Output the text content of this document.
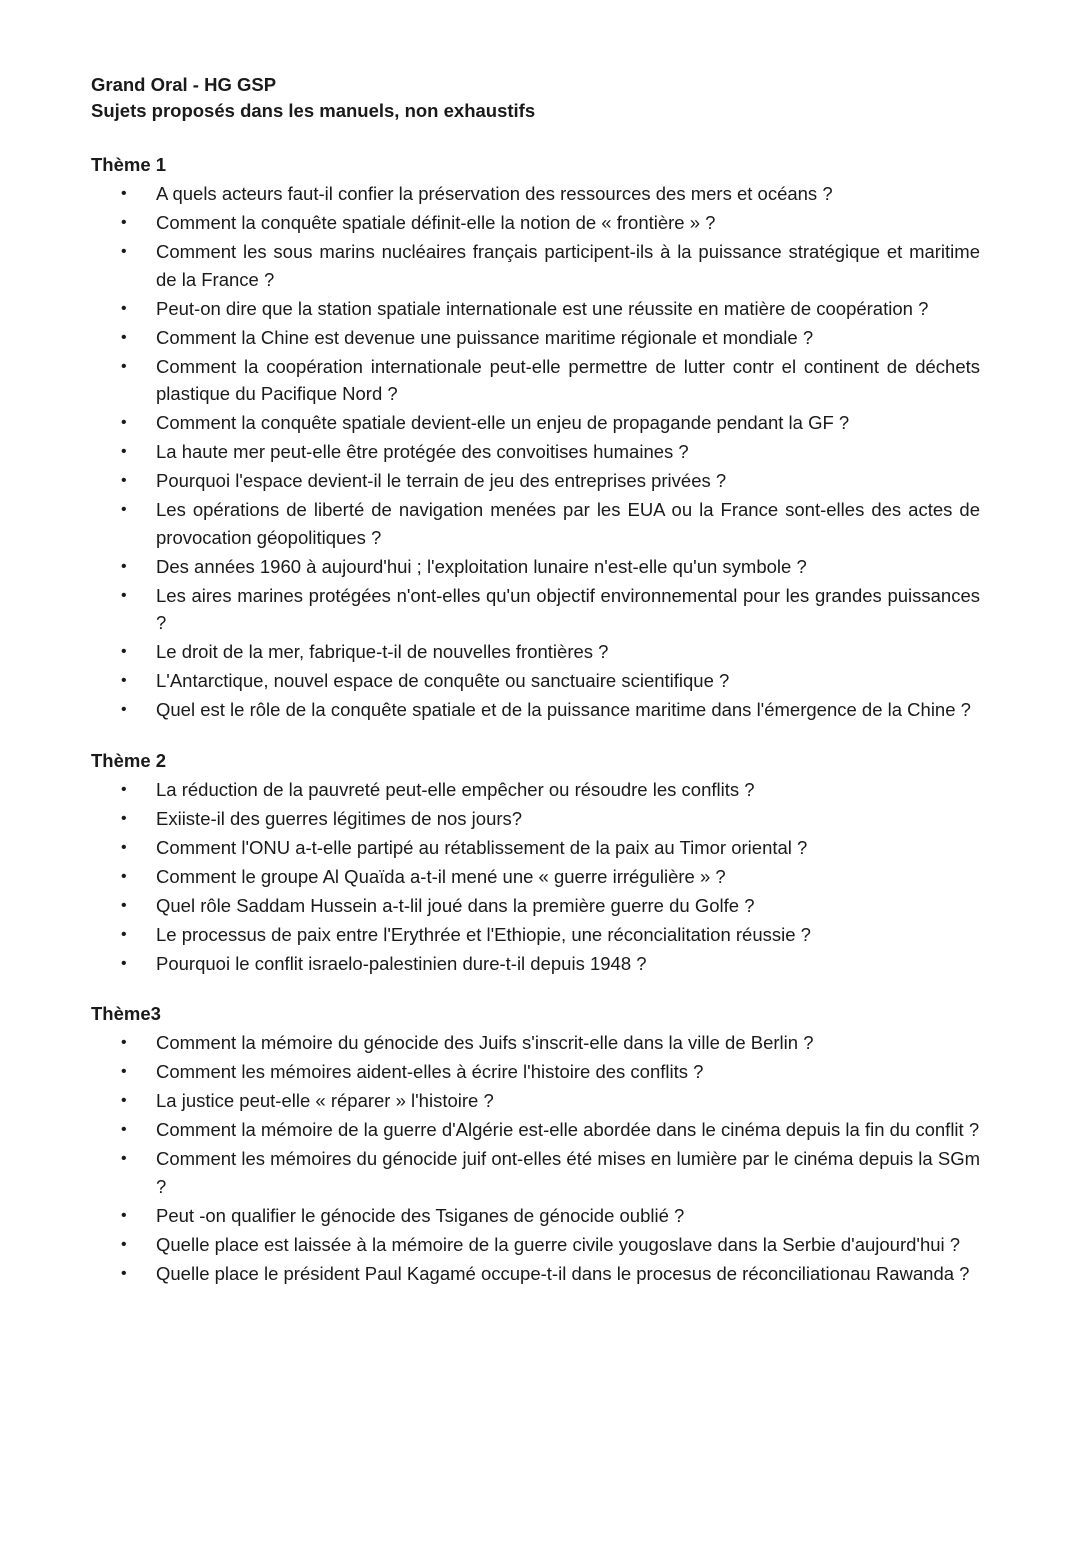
Grand Oral - HG GSP

Sujets proposés dans les manuels, non exhaustifs

Thème 1

• A quels acteurs faut-il confier la préservation des ressources des mers et océans ?
• Comment la conquête spatiale définit-elle la notion de « frontière » ?
• Comment les sous marins nucléaires français participent-ils à la puissance stratégique et maritime de la France ?
• Peut-on dire que la station spatiale internationale est une réussite en matière de coopération ?
• Comment la Chine est devenue une puissance maritime régionale et mondiale ?
• Comment la coopération internationale peut-elle permettre de lutter contr el continent de déchets plastique du Pacifique Nord ?
• Comment la conquête spatiale devient-elle un enjeu de propagande pendant la GF ?
• La haute mer peut-elle être protégée des convoitises humaines ?
• Pourquoi l'espace devient-il le terrain de jeu des entreprises privées ?
• Les opérations de liberté de navigation menées par les EUA ou la France sont-elles des actes de provocation géopolitiques ?
• Des années 1960 à aujourd'hui ; l'exploitation lunaire n'est-elle qu'un symbole ?
• Les aires marines protégées n'ont-elles qu'un objectif environnemental pour les grandes puissances ?
• Le droit de la mer, fabrique-t-il de nouvelles frontières ?
• L'Antarctique, nouvel espace de conquête ou sanctuaire scientifique ?
• Quel est le rôle de la conquête spatiale et de la puissance maritime dans l'émergence de la Chine ?

Thème 2

• La réduction de la pauvreté peut-elle empêcher ou résoudre les conflits ?
• Exiiste-il des guerres légitimes de nos jours?
• Comment l'ONU a-t-elle partipé au rétablissement de la paix au Timor oriental ?
• Comment le groupe Al Quaïda a-t-il mené une « guerre irrégulière » ?
• Quel rôle Saddam Hussein a-t-lil joué dans la première guerre du Golfe ?
• Le processus de paix entre l'Erythrée et l'Ethiopie, une réconcialitation réussie ?
• Pourquoi le conflit israelo-palestinien dure-t-il depuis 1948 ?

Thème3

• Comment la mémoire du génocide des Juifs s'inscrit-elle dans la ville de Berlin ?
• Comment les mémoires aident-elles à écrire l'histoire des conflits ?
• La justice peut-elle « réparer » l'histoire ?
• Comment la mémoire de la guerre d'Algérie est-elle abordée dans le cinéma depuis la fin du conflit ?
• Comment les mémoires du génocide juif ont-elles été mises en lumière par le cinéma depuis la SGm ?
• Peut -on qualifier le génocide des Tsiganes de génocide oublié ?
• Quelle place est laissée à la mémoire de la guerre civile yougoslave dans la Serbie d'aujourd'hui ?
• Quelle place le président Paul Kagamé occupe-t-il dans le procesus de réconciliationau Rawanda ?
